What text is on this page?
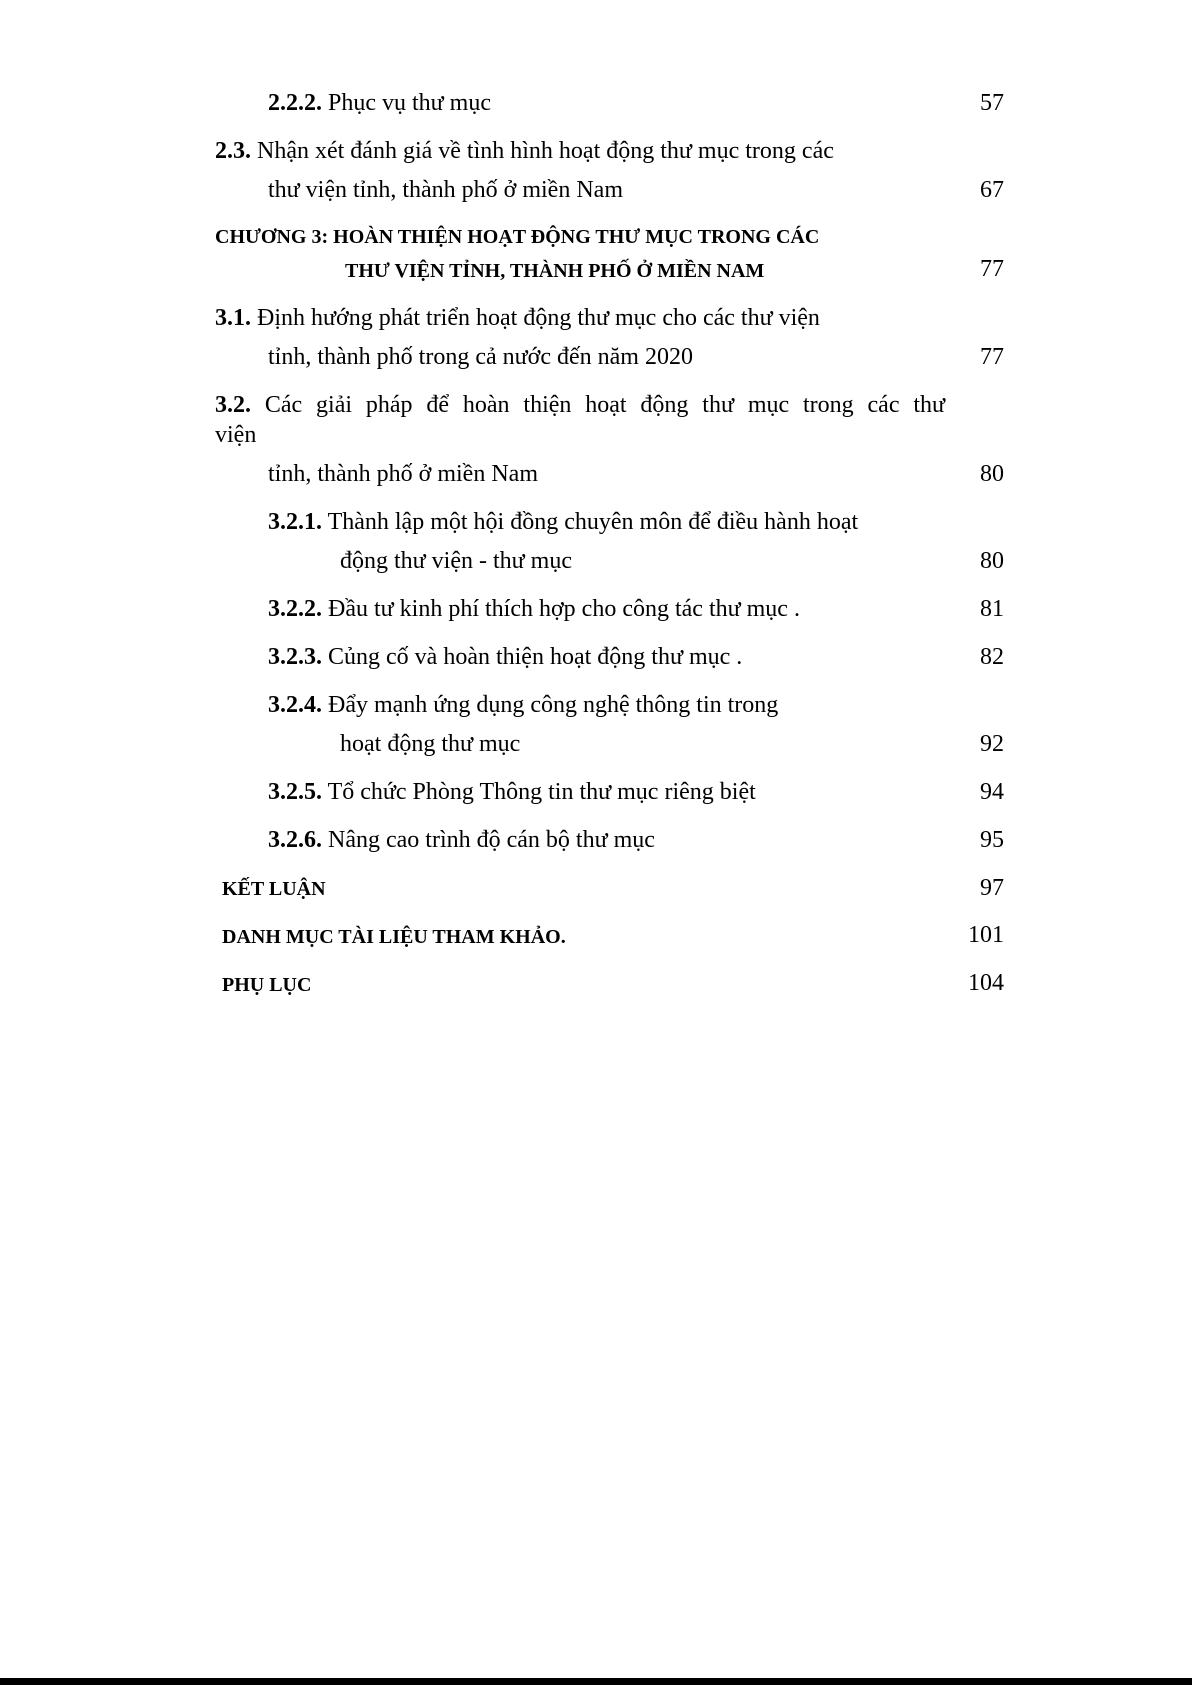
2.2.2. Phục vụ thư mục	57
2.3. Nhận xét đánh giá về tình hình hoạt động thư mục trong các
thư viện tỉnh, thành phố ở miền Nam	67
CHƯƠNG 3: HOÀN THIỆN HOẠT ĐỘNG THƯ MỤC TRONG CÁC
THƯ VIỆN TỈNH, THÀNH PHỐ Ở MIỀN NAM	77
3.1. Định hướng phát triển hoạt động thư mục cho các thư viện
tỉnh, thành phố trong cả nước đến năm 2020	77
3.2. Các giải pháp để hoàn thiện hoạt động thư mục trong các thư
viện
tỉnh, thành phố ở miền Nam	80
3.2.1. Thành lập một hội đồng chuyên môn để điều hành hoạt
động thư viện - thư mục	80
3.2.2. Đầu tư kinh phí thích hợp cho công tác thư mục .	81
3.2.3. Củng cố và hoàn thiện hoạt động thư mục .	82
3.2.4. Đẩy mạnh ứng dụng công nghệ thông tin trong
hoạt động thư mục	92
3.2.5. Tổ chức Phòng Thông tin thư mục riêng biệt	94
3.2.6. Nâng cao trình độ cán bộ thư mục	95
KẾT LUẬN	97
DANH MỤC TÀI LIỆU THAM KHẢO.	101
PHỤ LỤC	104
